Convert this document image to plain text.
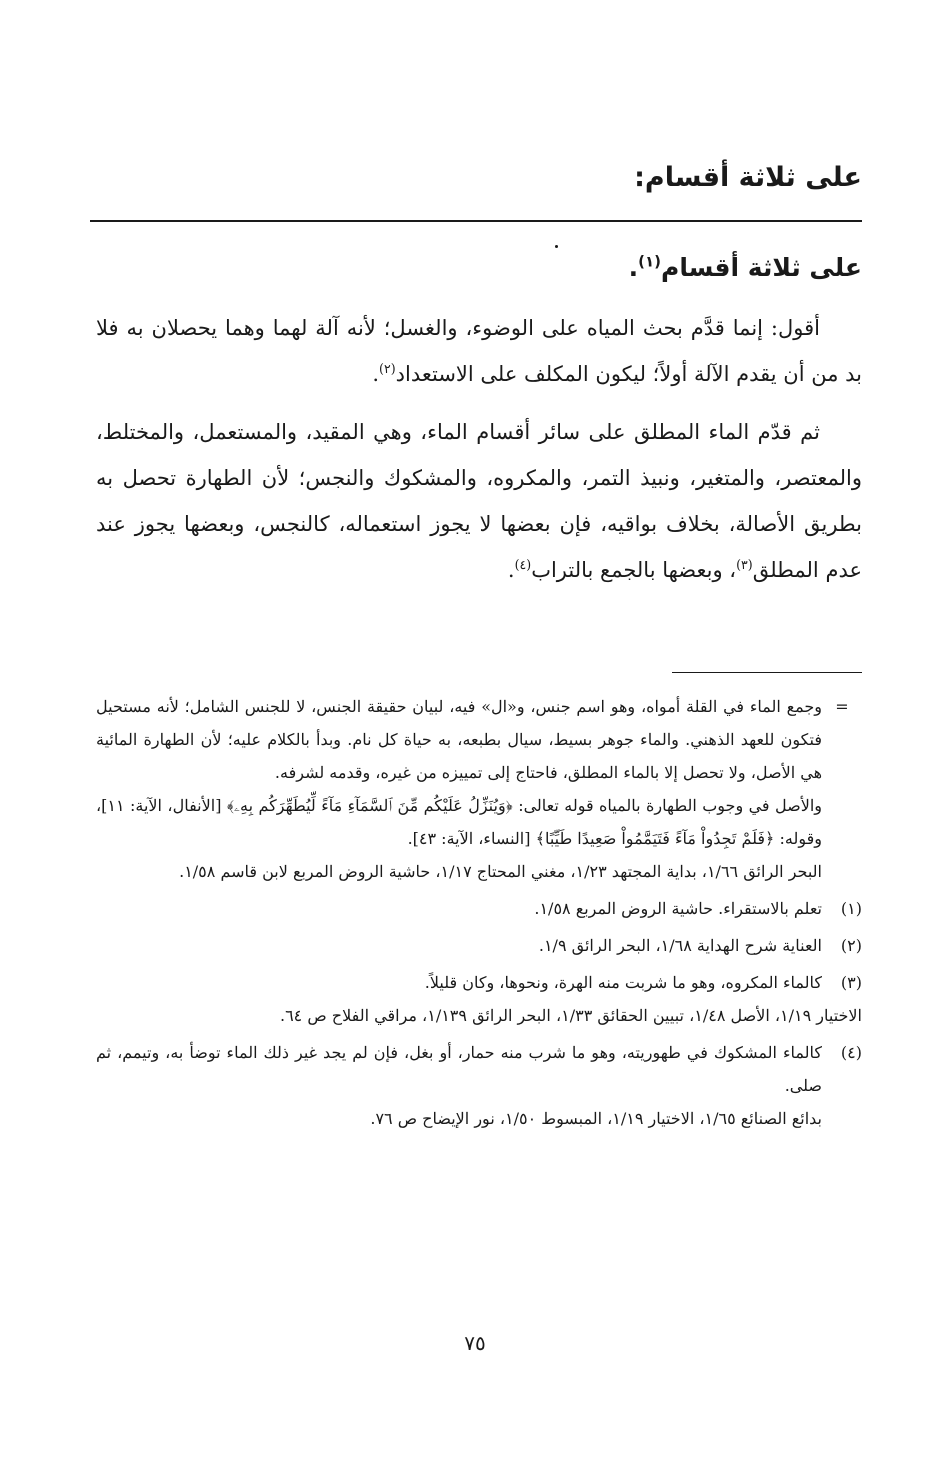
على ثلاثة أقسام:
على ثلاثة أقسام$^{(١)}$.

أقول: إنما قدَّم بحث المياه على الوضوء، والغسل؛ لأنه آلة لهما وهما يحصلان به فلا بد من أن يقدم الآلة أولاً؛ ليكون المكلف على الاستعداد$^{(٢)}$.

ثم قدّم الماء المطلق على سائر أقسام الماء، وهي المقيد، والمستعمل، والمختلط، والمعتصر، والمتغير، ونبيذ التمر، والمكروه، والمشكوك والنجس؛ لأن الطهارة تحصل به بطريق الأصالة، بخلاف بواقيه، فإن بعضها لا يجوز استعماله، كالنجس، وبعضها يجوز عند عدم المطلق$^{(٣)}$، وبعضها بالجمع بالتراب$^{(٤)}$.

=
وجمع الماء في القلة أمواه، وهو اسم جنس، و«ال» فيه، لبيان حقيقة الجنس، لا للجنس الشامل؛ لأنه مستحيل فتكون للعهد الذهني. والماء جوهر بسيط، سيال بطبعه، به حياة كل نام. وبدأ بالكلام عليه؛ لأن الطهارة المائية هي الأصل، ولا تحصل إلا بالماء المطلق، فاحتاج إلى تمييزه من غيره، وقدمه لشرفه.
والأصل في وجوب الطهارة بالمياه قوله تعالى: ﴿وَيُنَزِّلُ عَلَيْكُم مِّنَ ٱلسَّمَآءِ مَآءً لِّيُطَهِّرَكُم بِهِۦ﴾ [الأنفال، الآية: ١١]، وقوله: ﴿فَلَمْ تَجِدُواْ مَآءً فَتَيَمَّمُواْ صَعِيدًا طَيِّبًا﴾ [النساء، الآية: ٤٣].
البحر الرائق ١/٦٦، بداية المجتهد ١/٢٣، مغني المحتاج ١/١٧، حاشية الروض المربع لابن قاسم ١/٥٨.
(١)
تعلم بالاستقراء. حاشية الروض المربع ١/٥٨.
(٢)
العناية شرح الهداية ١/٦٨، البحر الرائق ١/٩.
(٣)
كالماء المكروه، وهو ما شربت منه الهرة، ونحوها، وكان قليلاً.
الاختيار ١/١٩، الأصل ١/٤٨، تبيين الحقائق ١/٣٣، البحر الرائق ١/١٣٩، مراقي الفلاح ص ٦٤.
(٤)
كالماء المشكوك في طهوريته، وهو ما شرب منه حمار، أو بغل، فإن لم يجد غير ذلك الماء توضأ به، وتيمم، ثم صلى.
بدائع الصنائع ١/٦٥، الاختيار ١/١٩، المبسوط ١/٥٠، نور الإيضاح ص ٧٦.
٧٥
